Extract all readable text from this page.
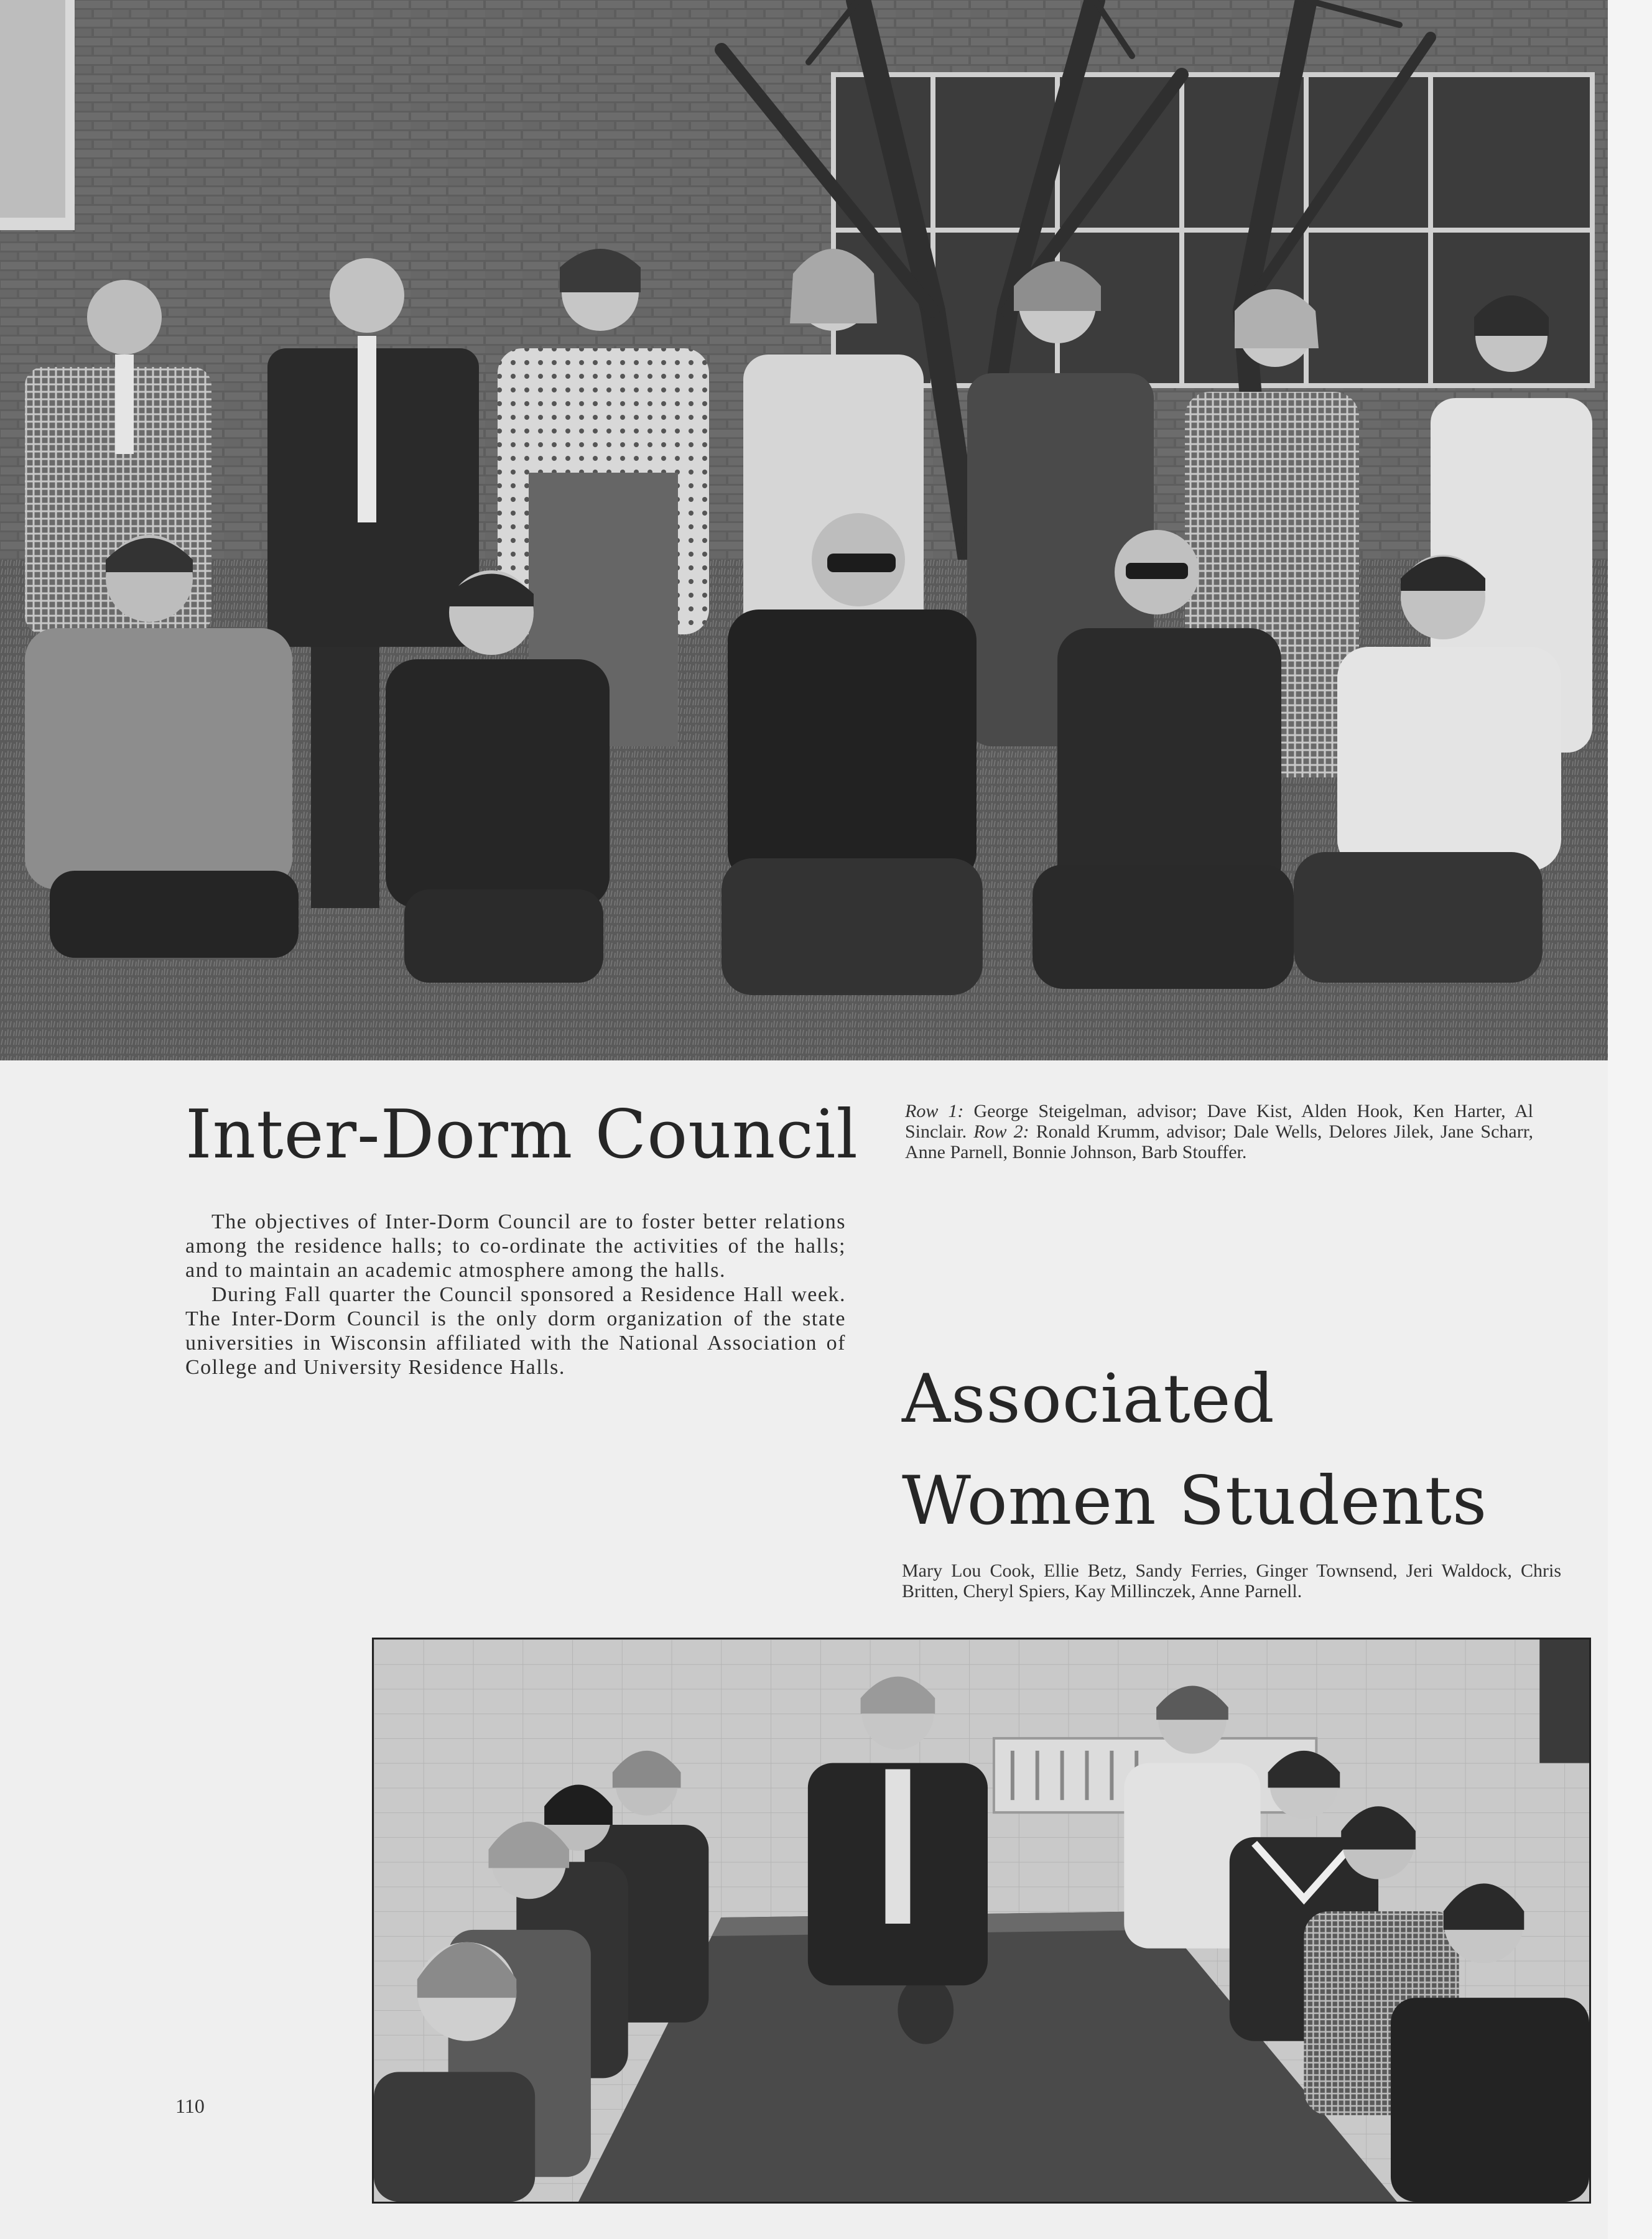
Inter-Dorm Council	Row 1: George Steigelman, advisor; Dave Kist, Alden Hook, Ken Harter, Al Sinclair. Row 2: Ronald Krumm, advisor; Dale Wells, Delores Jilek, Jane Scharr, Anne Parnell, Bonnie Johnson, Barb Stouffer.

The objectives of Inter-Dorm Council are to foster better relations among the residence halls; to co-ordinate the activities of the halls; and to maintain an academic atmosphere among the halls.

During Fall quarter the Council sponsored a Residence Hall week. The Inter-Dorm Council is the only dorm organization of the state universities in Wisconsin affiliated with the National Association of College and University Residence Halls.	Associated
Women Students
Mary Lou Cook, Ellie Betz, Sandy Ferries, Ginger Townsend, Jeri Waldock, Chris Britten, Cheryl Spiers, Kay Millinczek, Anne Parnell.
110
